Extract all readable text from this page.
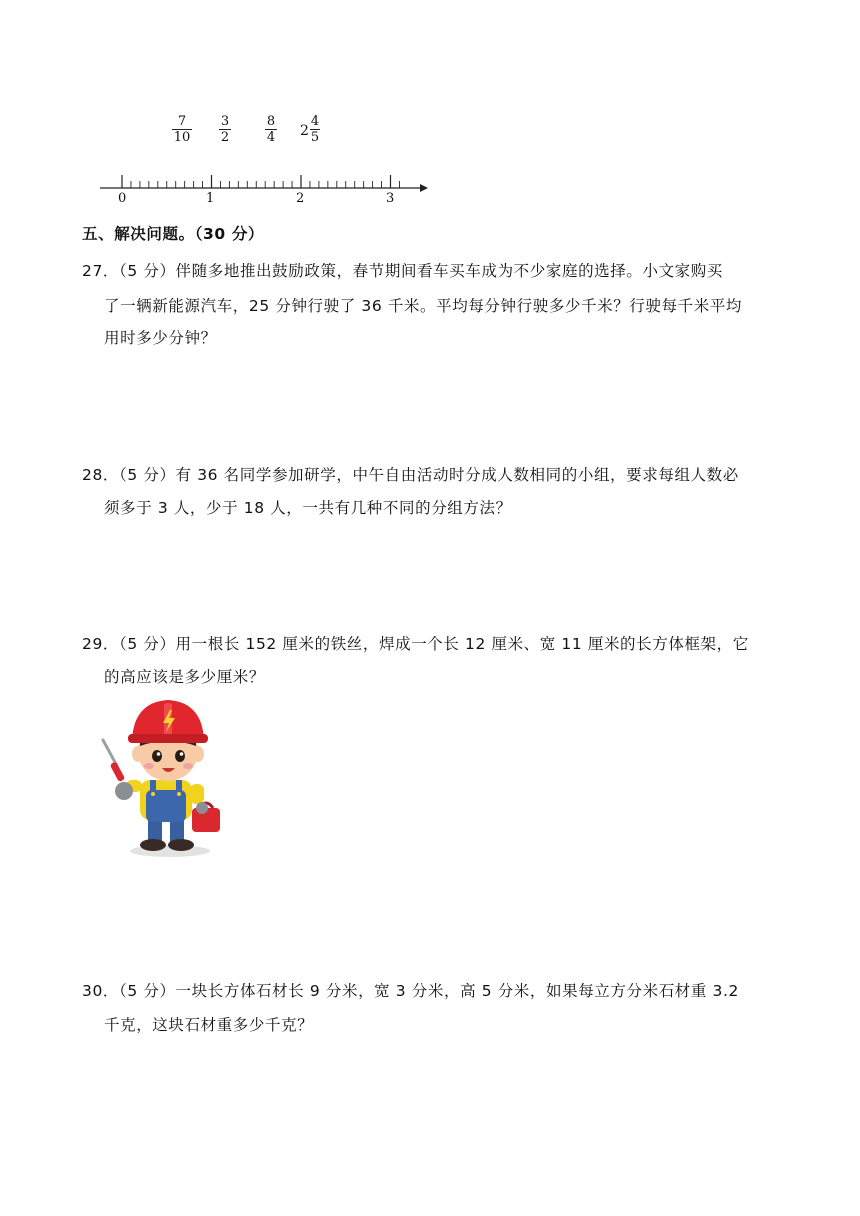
7
10
3
2
8
4 2
4
5
0	1	2	3
五、解决问题。（30 分）
27．（5 分）伴随多地推出鼓励政策，春节期间看车买车成为不少家庭的选择。小文家购买
了一辆新能源汽车，25 分钟行驶了 36 千米。平均每分钟行驶多少千米？行驶每千米平均
用时多少分钟？
28．（5 分）有 36 名同学参加研学，中午自由活动时分成人数相同的小组，要求每组人数必
须多于 3 人，少于 18 人，一共有几种不同的分组方法？
29．（5 分）用一根长 152 厘米的铁丝，焊成一个长 12 厘米、宽 11 厘米的长方体框架，它
的高应该是多少厘米？
30．（5 分）一块长方体石材长 9 分米，宽 3 分米，高 5 分米，如果每立方分米石材重 3.2
千克，这块石材重多少千克？
